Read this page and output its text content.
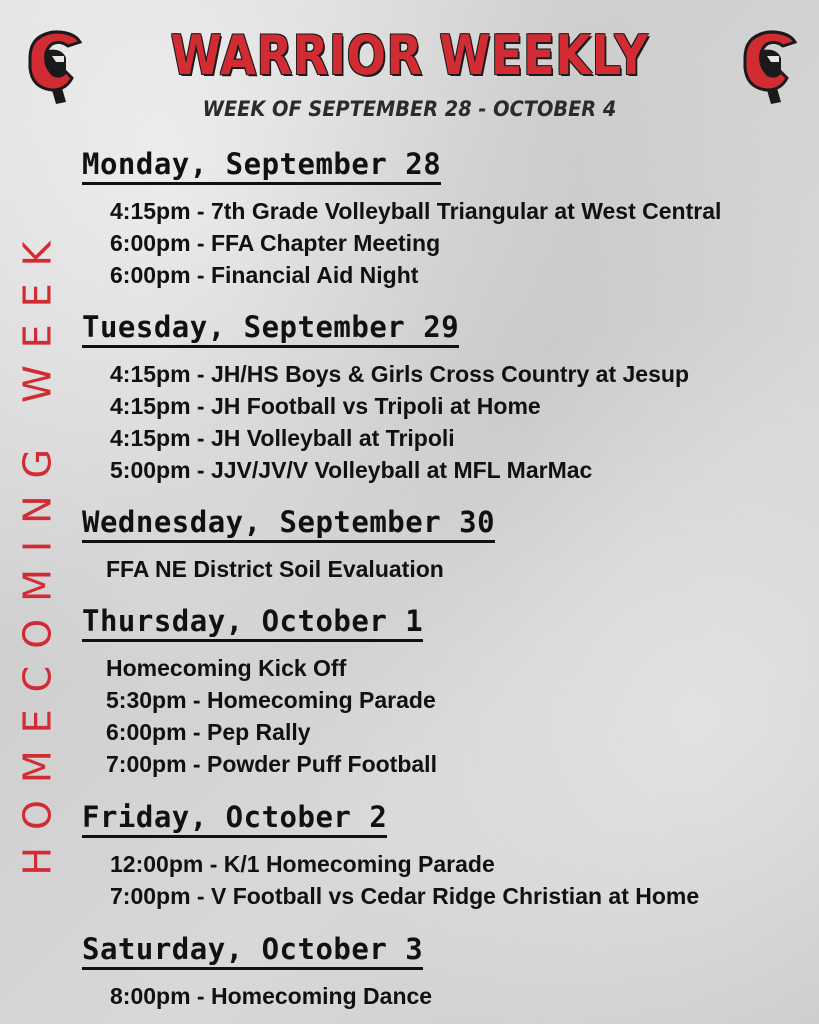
WARRIOR WEEKLY
WEEK OF SEPTEMBER 28 - OCTOBER 4
HOMECOMING WEEK
Monday, September 28
4:15pm - 7th Grade Volleyball Triangular at West Central
6:00pm - FFA Chapter Meeting
6:00pm - Financial Aid Night
Tuesday, September 29
4:15pm - JH/HS Boys & Girls Cross Country at Jesup
4:15pm - JH Football vs Tripoli at Home
4:15pm - JH Volleyball at Tripoli
5:00pm - JJV/JV/V Volleyball at MFL MarMac
Wednesday, September 30
FFA NE District Soil Evaluation
Thursday, October 1
Homecoming Kick Off
5:30pm - Homecoming Parade
6:00pm - Pep Rally
7:00pm - Powder Puff Football
Friday, October 2
12:00pm - K/1 Homecoming Parade
7:00pm - V Football vs Cedar Ridge Christian at Home
Saturday, October 3
8:00pm - Homecoming Dance
